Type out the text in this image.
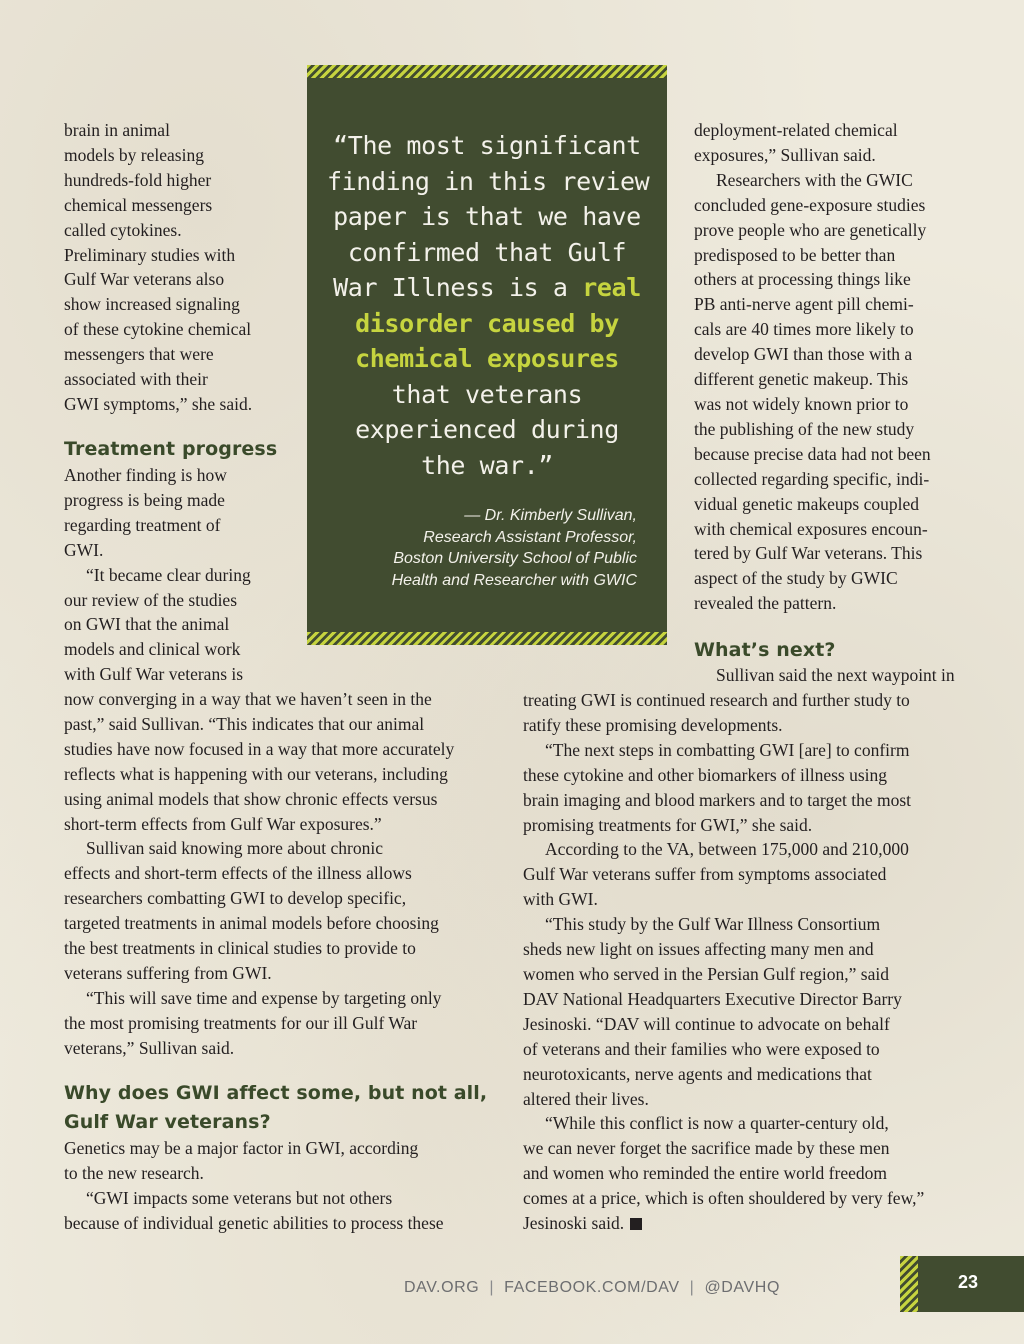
brain in animal
models by releasing
hundreds-fold higher
chemical messengers
called cytokines.
Preliminary studies with
Gulf War veterans also
show increased signaling
of these cytokine chemical
messengers that were
associated with their
GWI symptoms,” she said.
Treatment progress
Another finding is how
progress is being made
regarding treatment of
GWI.
“It became clear during
our review of the studies
on GWI that the animal
models and clinical work
with Gulf War veterans is
now converging in a way that we haven’t seen in the
past,” said Sullivan. “This indicates that our animal
studies have now focused in a way that more accurately
reflects what is happening with our veterans, including
using animal models that show chronic effects versus
short-term effects from Gulf War exposures.”
Sullivan said knowing more about chronic
effects and short-term effects of the illness allows
researchers combatting GWI to develop specific,
targeted treatments in animal models before choosing
the best treatments in clinical studies to provide to
veterans suffering from GWI.
“This will save time and expense by targeting only
the most promising treatments for our ill Gulf War
veterans,” Sullivan said.
Why does GWI affect some, but not all,
Gulf War veterans?
Genetics may be a major factor in GWI, according
to the new research.
“GWI impacts some veterans but not others
because of individual genetic abilities to process these
“The most significant
finding in this review
paper is that we have
confirmed that Gulf
War Illness is a real
disorder caused by
chemical exposures
that veterans
experienced during
the war.”
— Dr. Kimberly Sullivan,
Research Assistant Professor,
Boston University School of Public
Health and Researcher with GWIC
deployment-related chemical
exposures,” Sullivan said.
Researchers with the GWIC
concluded gene-exposure studies
prove people who are genetically
predisposed to be better than
others at processing things like
PB anti-nerve agent pill chemi-
cals are 40 times more likely to
develop GWI than those with a
different genetic makeup. This
was not widely known prior to
the publishing of the new study
because precise data had not been
collected regarding specific, indi-
vidual genetic makeups coupled
with chemical exposures encoun-
tered by Gulf War veterans. This
aspect of the study by GWIC
revealed the pattern.
What’s next?
Sullivan said the next waypoint in
treating GWI is continued research and further study to
ratify these promising developments.
“The next steps in combatting GWI [are] to confirm
these cytokine and other biomarkers of illness using
brain imaging and blood markers and to target the most
promising treatments for GWI,” she said.
According to the VA, between 175,000 and 210,000
Gulf War veterans suffer from symptoms associated
with GWI.
“This study by the Gulf War Illness Consortium
sheds new light on issues affecting many men and
women who served in the Persian Gulf region,” said
DAV National Headquarters Executive Director Barry
Jesinoski. “DAV will continue to advocate on behalf
of veterans and their families who were exposed to
neurotoxicants, nerve agents and medications that
altered their lives.
“While this conflict is now a quarter-century old,
we can never forget the sacrifice made by these men
and women who reminded the entire world freedom
comes at a price, which is often shouldered by very few,”
Jesinoski said.
DAV.ORG | FACEBOOK.COM/DAV | @DAVHQ	23
